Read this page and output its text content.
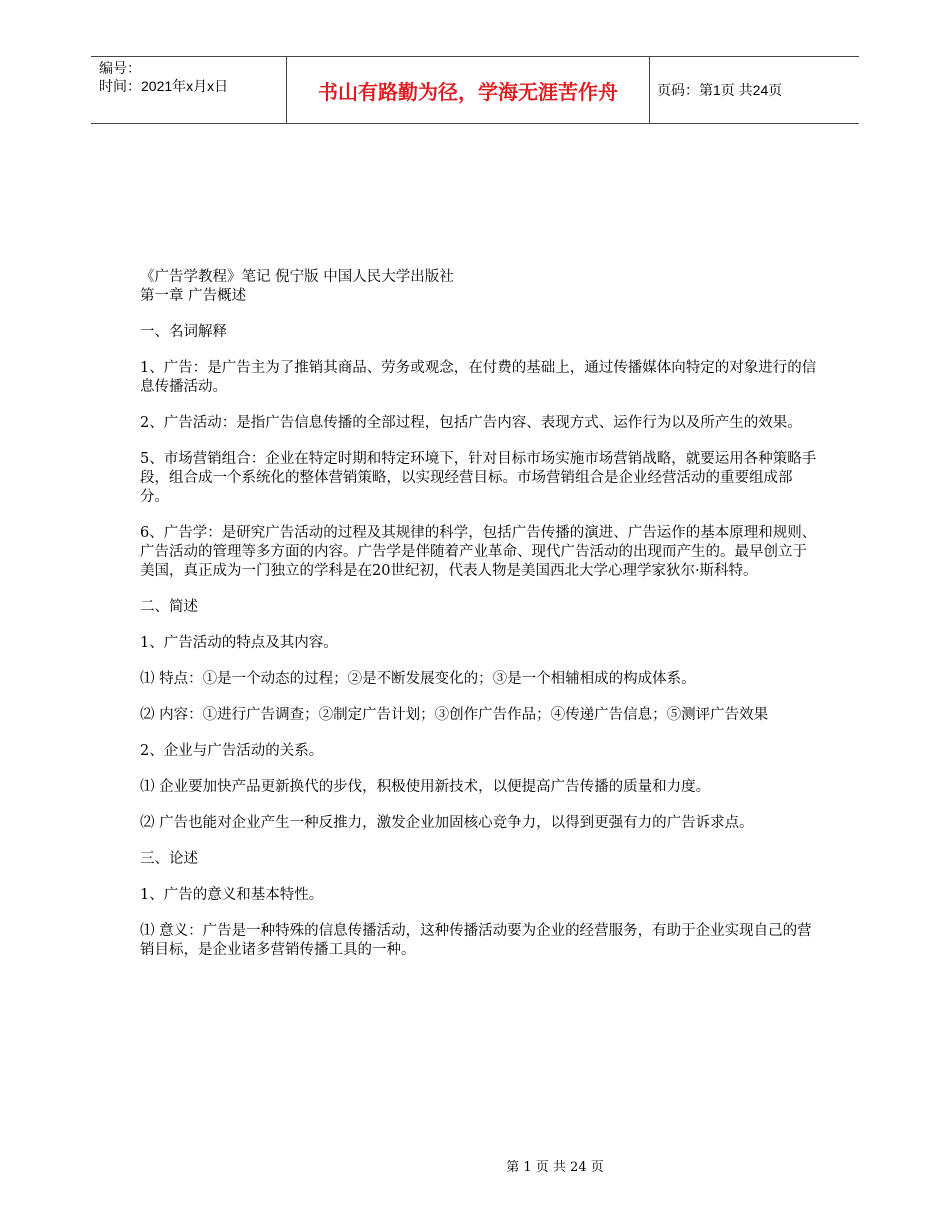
编号：
时间：2021年x月x日	书山有路勤为径，学海无涯苦作舟	页码：第1页 共24页

《广告学教程》笔记 倪宁版 中国人民大学出版社

第一章 广告概述

一、名词解释

1、广告：是广告主为了推销其商品、劳务或观念，在付费的基础上，通过传播媒体向特定的对象进行的信息传播活动。

2、广告活动：是指广告信息传播的全部过程，包括广告内容、表现方式、运作行为以及所产生的效果。

5、市场营销组合：企业在特定时期和特定环境下，针对目标市场实施市场营销战略，就要运用各种策略手段，组合成一个系统化的整体营销策略，以实现经营目标。市场营销组合是企业经营活动的重要组成部分。

6、广告学：是研究广告活动的过程及其规律的科学，包括广告传播的演进、广告运作的基本原理和规则、广告活动的管理等多方面的内容。广告学是伴随着产业革命、现代广告活动的出现而产生的。最早创立于美国，真正成为一门独立的学科是在20世纪初，代表人物是美国西北大学心理学家狄尔·斯科特。

二、简述

1、广告活动的特点及其内容。

⑴ 特点：①是一个动态的过程；②是不断发展变化的；③是一个相辅相成的构成体系。

⑵ 内容：①进行广告调查；②制定广告计划；③创作广告作品；④传递广告信息；⑤测评广告效果

2、企业与广告活动的关系。

⑴ 企业要加快产品更新换代的步伐，积极使用新技术，以便提高广告传播的质量和力度。

⑵ 广告也能对企业产生一种反推力，激发企业加固核心竞争力，以得到更强有力的广告诉求点。

三、论述

1、广告的意义和基本特性。

⑴ 意义：广告是一种特殊的信息传播活动，这种传播活动要为企业的经营服务，有助于企业实现自己的营销目标，是企业诸多营销传播工具的一种。

第 1 页 共 24 页
